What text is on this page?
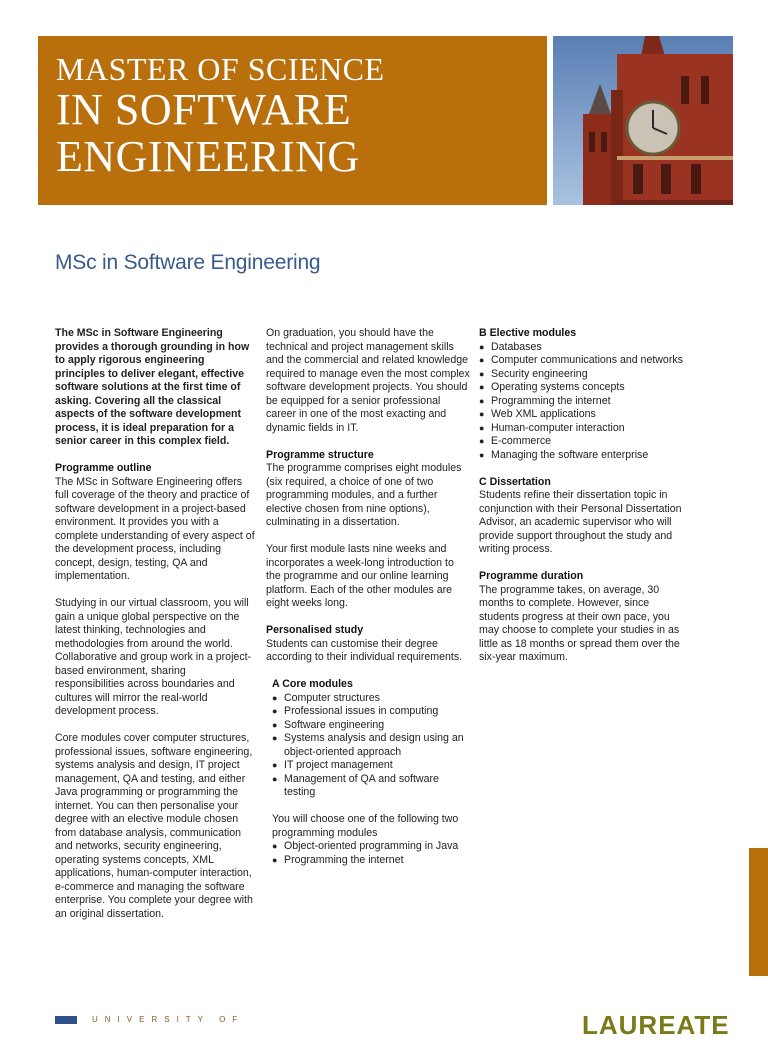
MASTER OF SCIENCE
IN SOFTWARE
ENGINEERING
MSc in Software Engineering

The MSc in Software Engineering provides a thorough grounding in how to apply rigorous engineering principles to deliver elegant, effective software solutions at the first time of asking. Covering all the classical aspects of the software development process, it is ideal preparation for a senior career in this complex field.

Programme outline

The MSc in Software Engineering offers full coverage of the theory and practice of software development in a project-based environment. It provides you with a complete understanding of every aspect of the development process, including concept, design, testing, QA and implementation.

Studying in our virtual classroom, you will gain a unique global perspective on the latest thinking, technologies and methodologies from around the world. Collaborative and group work in a project-based environment, sharing responsibilities across boundaries and cultures will mirror the real-world development process.

Core modules cover computer structures, professional issues, software engineering, systems analysis and design, IT project management, QA and testing, and either Java programming or programming the internet. You can then personalise your degree with an elective module chosen from database analysis, communication and networks, security engineering, operating systems concepts, XML applications, human-computer interaction, e-commerce and managing the software enterprise. You complete your degree with an original dissertation.

On graduation, you should have the technical and project management skills and the commercial and related knowledge required to manage even the most complex software development projects. You should be equipped for a senior professional career in one of the most exacting and dynamic fields in IT.

Programme structure

The programme comprises eight modules (six required, a choice of one of two programming modules, and a further elective chosen from nine options), culminating in a dissertation.

Your first module lasts nine weeks and incorporates a week-long introduction to the programme and our online learning platform. Each of the other modules are eight weeks long.

Personalised study

Students can customise their degree according to their individual requirements.

A Core modules
● Computer structures
● Professional issues in computing
● Software engineering
● Systems analysis and design using an object-oriented approach
● IT project management
● Management of QA and software testing

You will choose one of the following two programming modules

● Object-oriented programming in Java
● Programming the internet
B Elective modules
● Databases
● Computer communications and networks
● Security engineering
● Operating systems concepts
● Programming the internet
● Web XML applications
● Human-computer interaction
● E-commerce
● Managing the software enterprise
C Dissertation

Students refine their dissertation topic in conjunction with their Personal Dissertation Advisor, an academic supervisor who will provide support throughout the study and writing process.

Programme duration

The programme takes, on average, 30 months to complete. However, since students progress at their own pace, you may choose to complete your studies in as little as 18 months or spread them over the six-year maximum.

UNIVERSITY OF	LAUREATE
